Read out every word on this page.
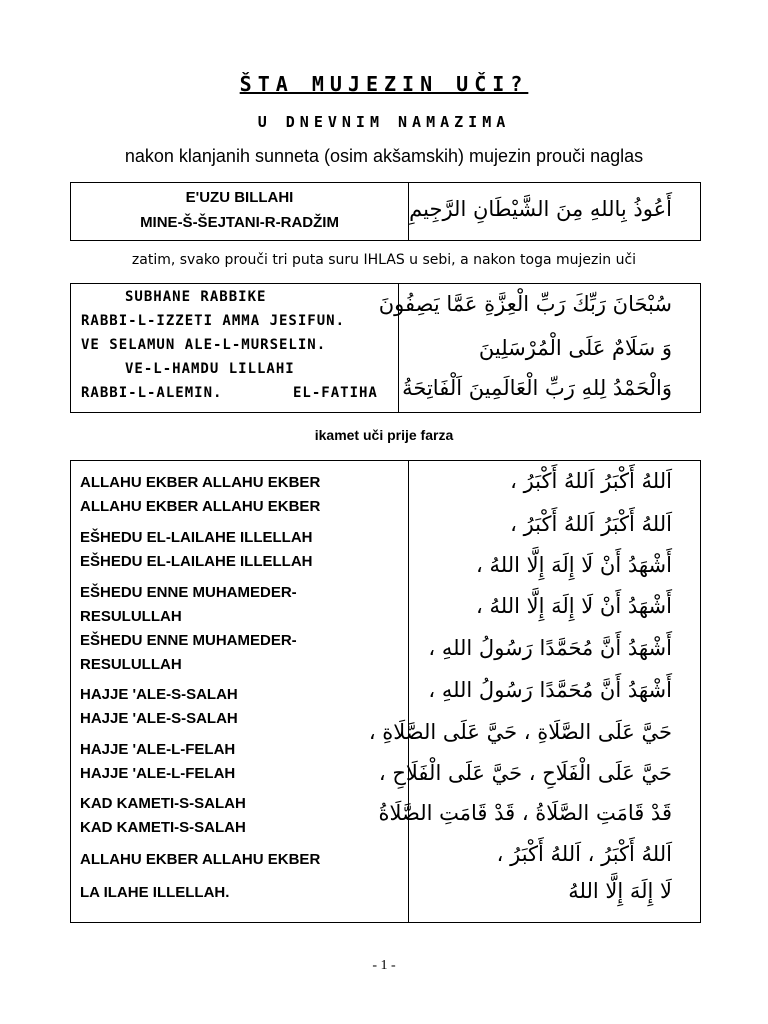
ŠTA MUJEZIN UČI?
U DNEVNIM NAMAZIMA
nakon klanjanih sunneta (osim akšamskih) mujezin prouči naglas
E'UZU BILLAHI
MINE-Š-ŠEJTANI-R-RADŽIM
أَعُوذُ بِاللهِ مِنَ الشَّيْطَانِ الرَّجِيمِ
zatim, svako prouči tri puta suru IHLAS u sebi, a nakon toga mujezin uči
SUBHANE RABBIKE
RABBI-L-IZZETI AMMA JESIFUN.
VE SELAMUN ALE-L-MURSELIN.
VE-L-HAMDU LILLAHI
RABBI-L-ALEMIN.	EL-FATIHA
سُبْحَانَ رَبِّكَ رَبِّ الْعِزَّةِ عَمَّا يَصِفُونَ
وَ سَلَامٌ عَلَى الْمُرْسَلِينَ
وَالْحَمْدُ لِلهِ رَبِّ الْعَالَمِينَ اَلْفَاتِحَةُ
ikamet uči prije farza
ALLAHU EKBER ALLAHU EKBER
ALLAHU EKBER ALLAHU EKBER
EŠHEDU EL-LAILAHE ILLELLAH
EŠHEDU EL-LAILAHE ILLELLAH
EŠHEDU ENNE MUHAMEDER-
RESULULLAH
EŠHEDU ENNE MUHAMEDER-
RESULULLAH
HAJJE 'ALE-S-SALAH
HAJJE 'ALE-S-SALAH
HAJJE 'ALE-L-FELAH
HAJJE 'ALE-L-FELAH
KAD KAMETI-S-SALAH
KAD KAMETI-S-SALAH
ALLAHU EKBER ALLAHU EKBER
LA ILAHE ILLELLAH.
اَللهُ أَكْبَرُ اَللهُ أَكْبَرُ ،
اَللهُ أَكْبَرُ اَللهُ أَكْبَرُ ،
أَشْهَدُ أَنْ لَا إِلَهَ إِلَّا اللهُ ،
أَشْهَدُ أَنْ لَا إِلَهَ إِلَّا اللهُ ،
أَشْهَدُ أَنَّ مُحَمَّدًا رَسُولُ اللهِ ،
أَشْهَدُ أَنَّ مُحَمَّدًا رَسُولُ اللهِ ،
حَيَّ عَلَى الصَّلَاةِ ، حَيَّ عَلَى الصَّلَاةِ ،
حَيَّ عَلَى الْفَلَاحِ ، حَيَّ عَلَى الْفَلَاحِ ،
قَدْ قَامَتِ الصَّلَاةُ ، قَدْ قَامَتِ الصَّلَاةُ
اَللهُ أَكْبَرُ ، اَللهُ أَكْبَرُ ،
لَا إِلَهَ إِلَّا اللهُ
- 1 -
